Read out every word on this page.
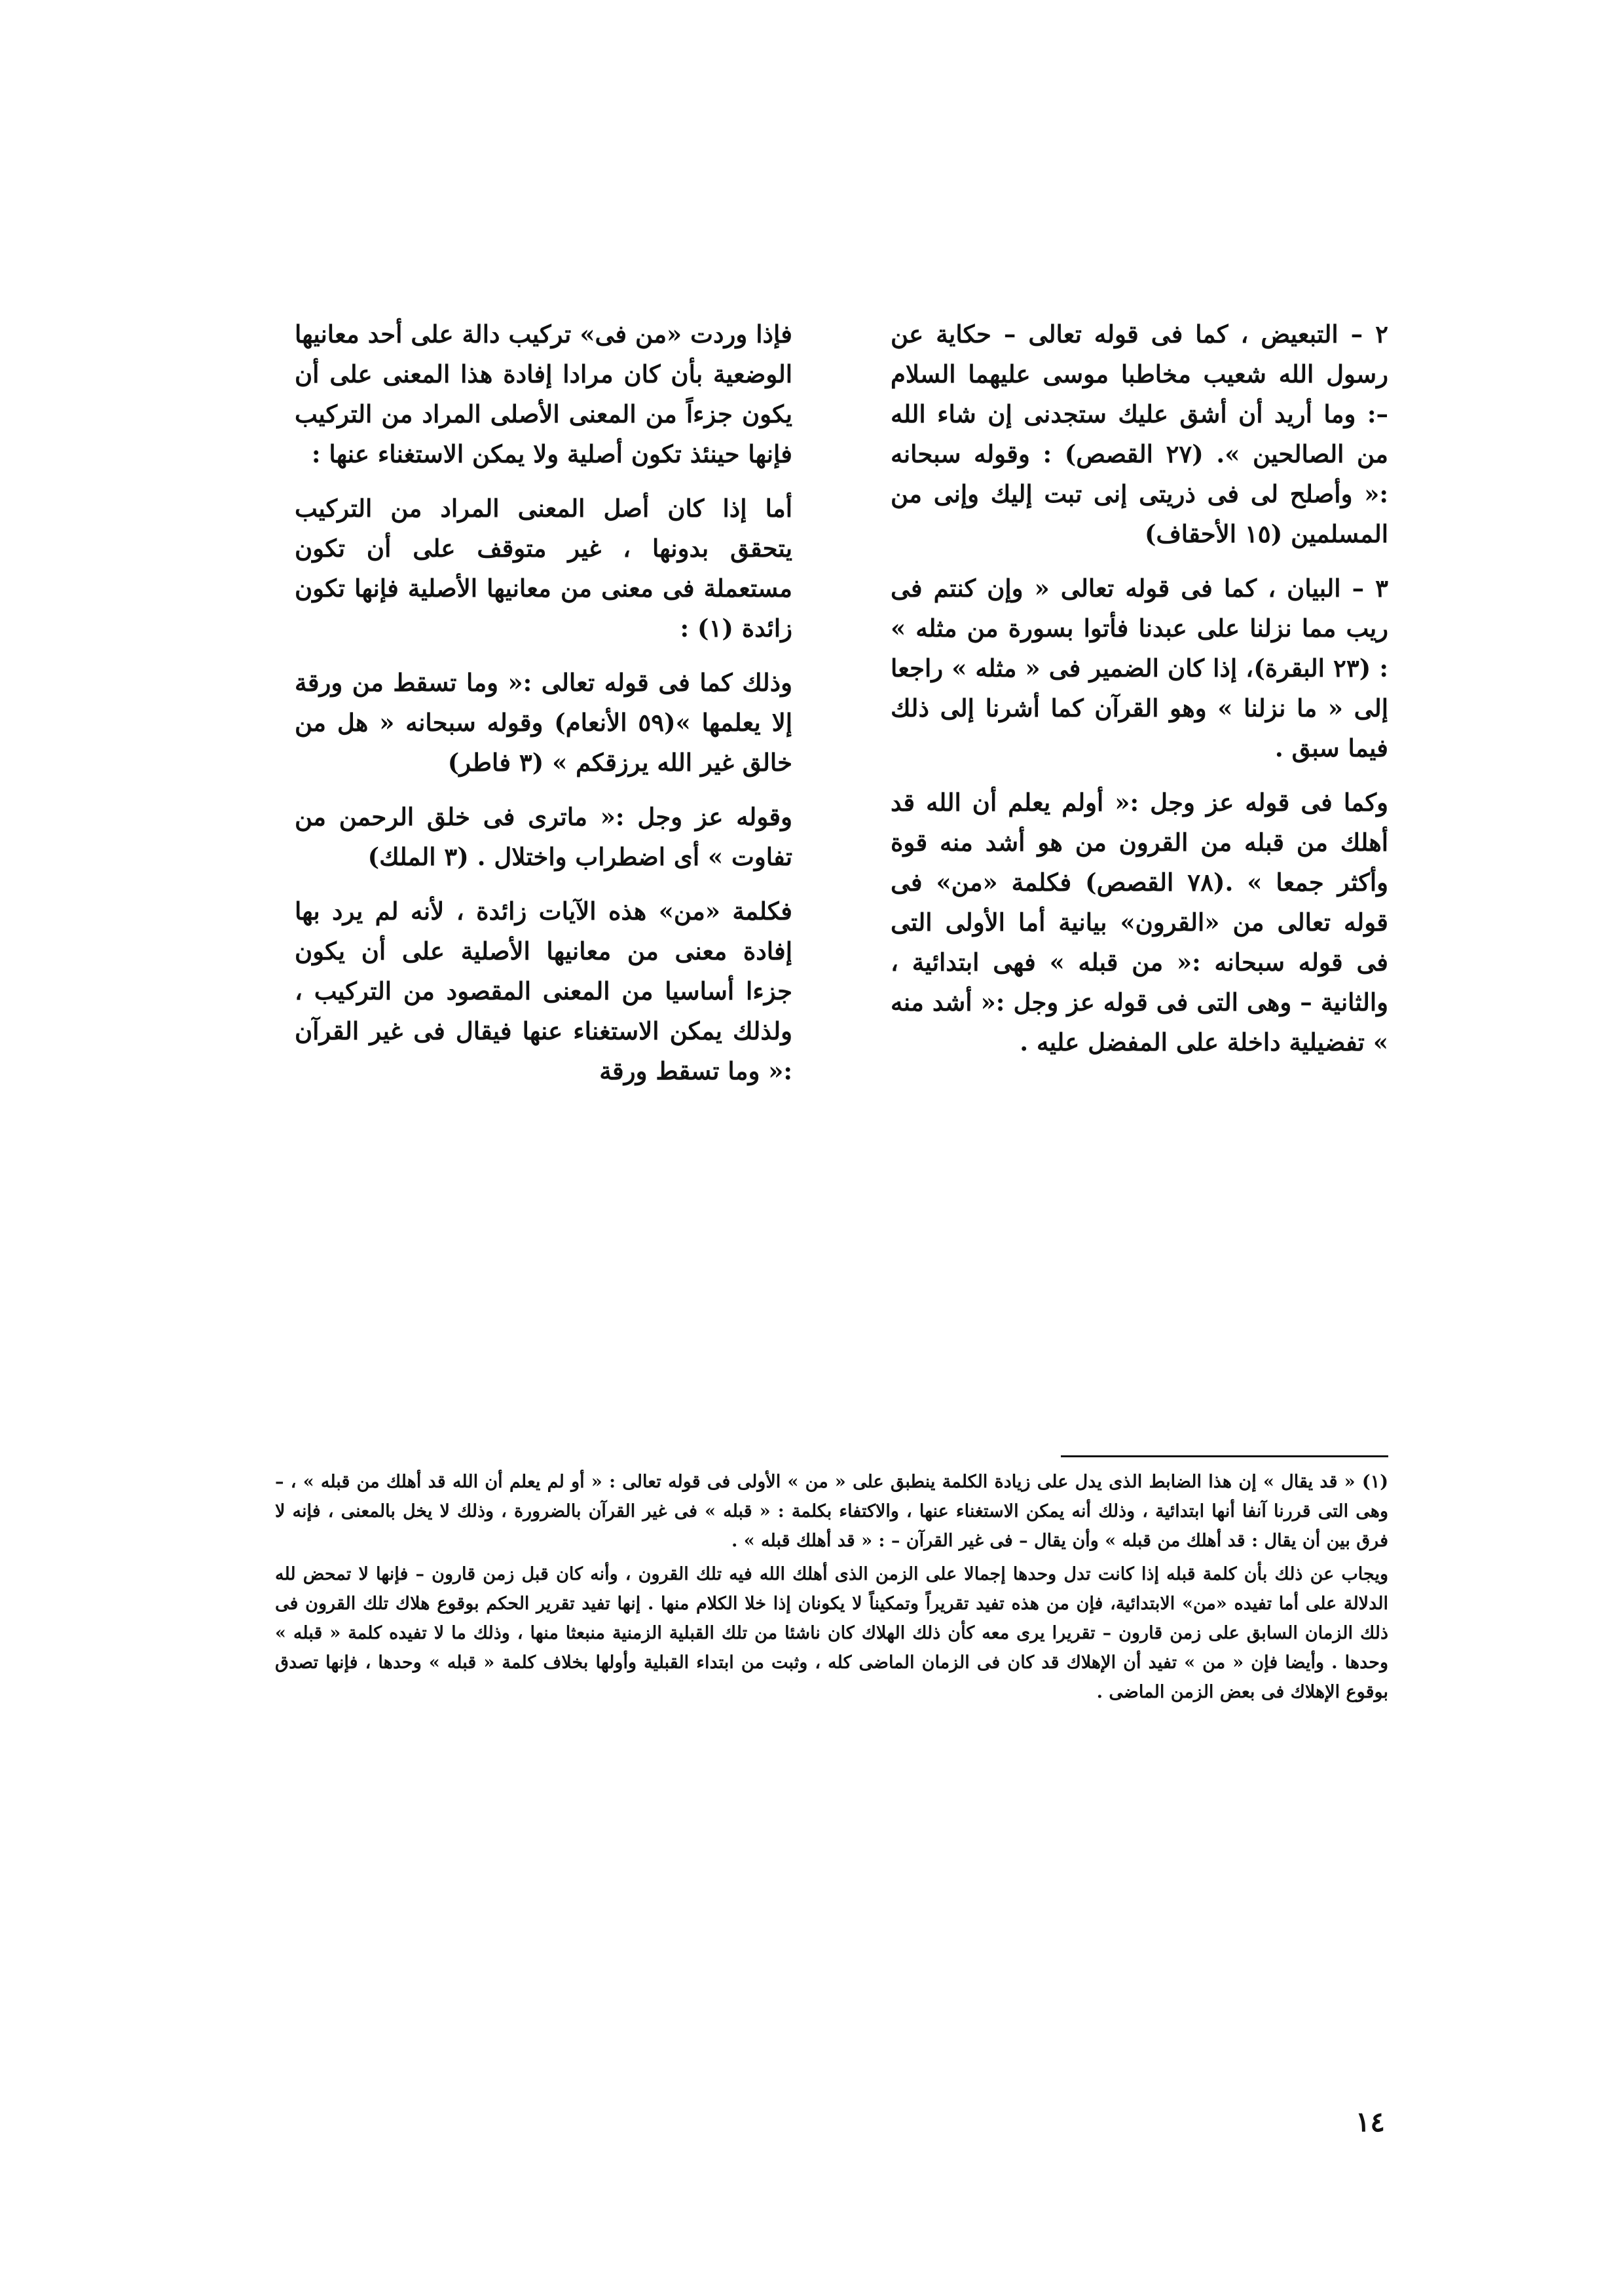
٢ – التبعيض ، كما فى قوله تعالى – حكاية عن رسول الله شعيب مخاطبا موسى عليهما السلام –: وما أريد أن أشق عليك ستجدنى إن شاء الله من الصالحين ». (٢٧ القصص) : وقوله سبحانه :« وأصلح لى فى ذريتى إنى تبت إليك وإنى من المسلمين (١٥ الأحقاف)

٣ – البيان ، كما فى قوله تعالى « وإن كنتم فى ريب مما نزلنا على عبدنا فأتوا بسورة من مثله » : (٢٣ البقرة)، إذا كان الضمير فى « مثله » راجعا إلى « ما نزلنا » وهو القرآن كما أشرنا إلى ذلك فيما سبق .

وكما فى قوله عز وجل :« أولم يعلم أن الله قد أهلك من قبله من القرون من هو أشد منه قوة وأكثر جمعا » .(٧٨ القصص) فكلمة «من» فى قوله تعالى من «القرون» بيانية أما الأولى التى فى قوله سبحانه :« من قبله » فهى ابتدائية ، والثانية – وهى التى فى قوله عز وجل :« أشد منه » تفضيلية داخلة على المفضل عليه .

فإذا وردت «من فى» تركيب دالة على أحد معانيها الوضعية بأن كان مرادا إفادة هذا المعنى على أن يكون جزءاً من المعنى الأصلى المراد من التركيب فإنها حينئذ تكون أصلية ولا يمكن الاستغناء عنها :

أما إذا كان أصل المعنى المراد من التركيب يتحقق بدونها ، غير متوقف على أن تكون مستعملة فى معنى من معانيها الأصلية فإنها تكون زائدة (١) :

وذلك كما فى قوله تعالى :« وما تسقط من ورقة إلا يعلمها »(٥٩ الأنعام) وقوله سبحانه « هل من خالق غير الله يرزقكم » (٣ فاطر)

وقوله عز وجل :« ماترى فى خلق الرحمن من تفاوت » أى اضطراب واختلال . (٣ الملك)

فكلمة «من» هذه الآيات زائدة ، لأنه لم يرد بها إفادة معنى من معانيها الأصلية على أن يكون جزءا أساسيا من المعنى المقصود من التركيب ، ولذلك يمكن الاستغناء عنها فيقال فى غير القرآن :« وما تسقط ورقة

(١) « قد يقال » إن هذا الضابط الذى يدل على زيادة الكلمة ينطبق على « من » الأولى فى قوله تعالى : « أو لم يعلم أن الله قد أهلك من قبله » ، – وهى التى قررنا آنفا أنها ابتدائية ، وذلك أنه يمكن الاستغناء عنها ، والاكتفاء بكلمة : « قبله » فى غير القرآن بالضرورة ، وذلك لا يخل بالمعنى ، فإنه لا فرق بين أن يقال : قد أهلك من قبله » وأن يقال – فى غير القرآن – : « قد أهلك قبله » .

ويجاب عن ذلك بأن كلمة قبله إذا كانت تدل وحدها إجمالا على الزمن الذى أهلك الله فيه تلك القرون ، وأنه كان قبل زمن قارون – فإنها لا تمحض لله الدلالة على أما تفيده «من» الابتدائية، فإن من هذه تفيد تقريراً وتمكيناً لا يكونان إذا خلا الكلام منها . إنها تفيد تقرير الحكم بوقوع هلاك تلك القرون فى ذلك الزمان السابق على زمن قارون – تقريرا يرى معه كأن ذلك الهلاك كان ناشئا من تلك القبلية الزمنية منبعثا منها ، وذلك ما لا تفيده كلمة « قبله » وحدها . وأيضا فإن « من » تفيد أن الإهلاك قد كان فى الزمان الماضى كله ، وثبت من ابتداء القبلية وأولها بخلاف كلمة « قبله » وحدها ، فإنها تصدق بوقوع الإهلاك فى بعض الزمن الماضى .

١٤
